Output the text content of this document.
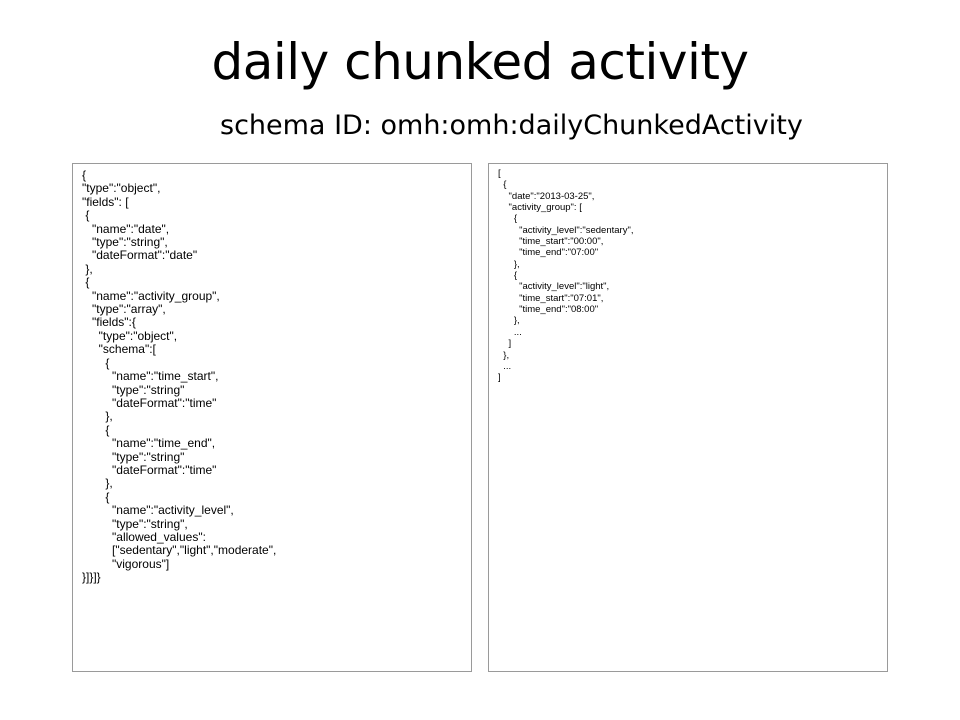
daily chunked activity
schema ID: omh:omh:dailyChunkedActivity
{
"type":"object",
"fields": [
{
"name":"date",
"type":"string",
"dateFormat":"date"
},
{
"name":"activity_group",
"type":"array",
"fields":{
"type":"object",
"schema":[
{
"name":"time_start",
"type":"string"
"dateFormat":"time"
},
{
"name":"time_end",
"type":"string"
"dateFormat":"time"
},
{
"name":"activity_level",
"type":"string",
"allowed_values":
["sedentary","light","moderate",
"vigorous"]
}]}]}
[
{
"date":"2013-03-25",
"activity_group": [
{
"activity_level":"sedentary",
"time_start":"00:00",
"time_end":"07:00"
},
{
"activity_level":"light",
"time_start":"07:01",
"time_end":"08:00"
},
...
]
},
...
]
